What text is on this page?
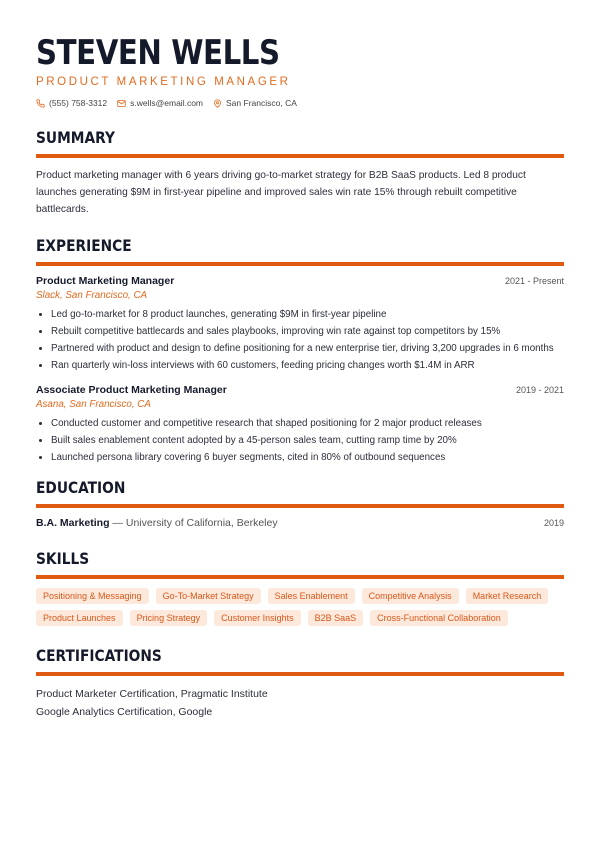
STEVEN WELLS
PRODUCT MARKETING MANAGER
(555) 758-3312	s.wells@email.com	San Francisco, CA
SUMMARY

Product marketing manager with 6 years driving go-to-market strategy for B2B SaaS products. Led 8 product launches generating $9M in first-year pipeline and improved sales win rate 15% through rebuilt competitive battlecards.

EXPERIENCE
Product Marketing Manager	2021 - Present
Slack, San Francisco, CA
• Led go-to-market for 8 product launches, generating $9M in first-year pipeline
• Rebuilt competitive battlecards and sales playbooks, improving win rate against top competitors by 15%
• Partnered with product and design to define positioning for a new enterprise tier, driving 3,200 upgrades in 6 months
• Ran quarterly win-loss interviews with 60 customers, feeding pricing changes worth $1.4M in ARR
Associate Product Marketing Manager	2019 - 2021
Asana, San Francisco, CA
• Conducted customer and competitive research that shaped positioning for 2 major product releases
• Built sales enablement content adopted by a 45-person sales team, cutting ramp time by 20%
• Launched persona library covering 6 buyer segments, cited in 80% of outbound sequences
EDUCATION
B.A. Marketing — University of California, Berkeley	2019
SKILLS
Positioning & Messaging	Go-To-Market Strategy	Sales Enablement	Competitive Analysis	Market Research
Product Launches	Pricing Strategy	Customer Insights	B2B SaaS	Cross-Functional Collaboration
CERTIFICATIONS
Product Marketer Certification, Pragmatic Institute
Google Analytics Certification, Google
